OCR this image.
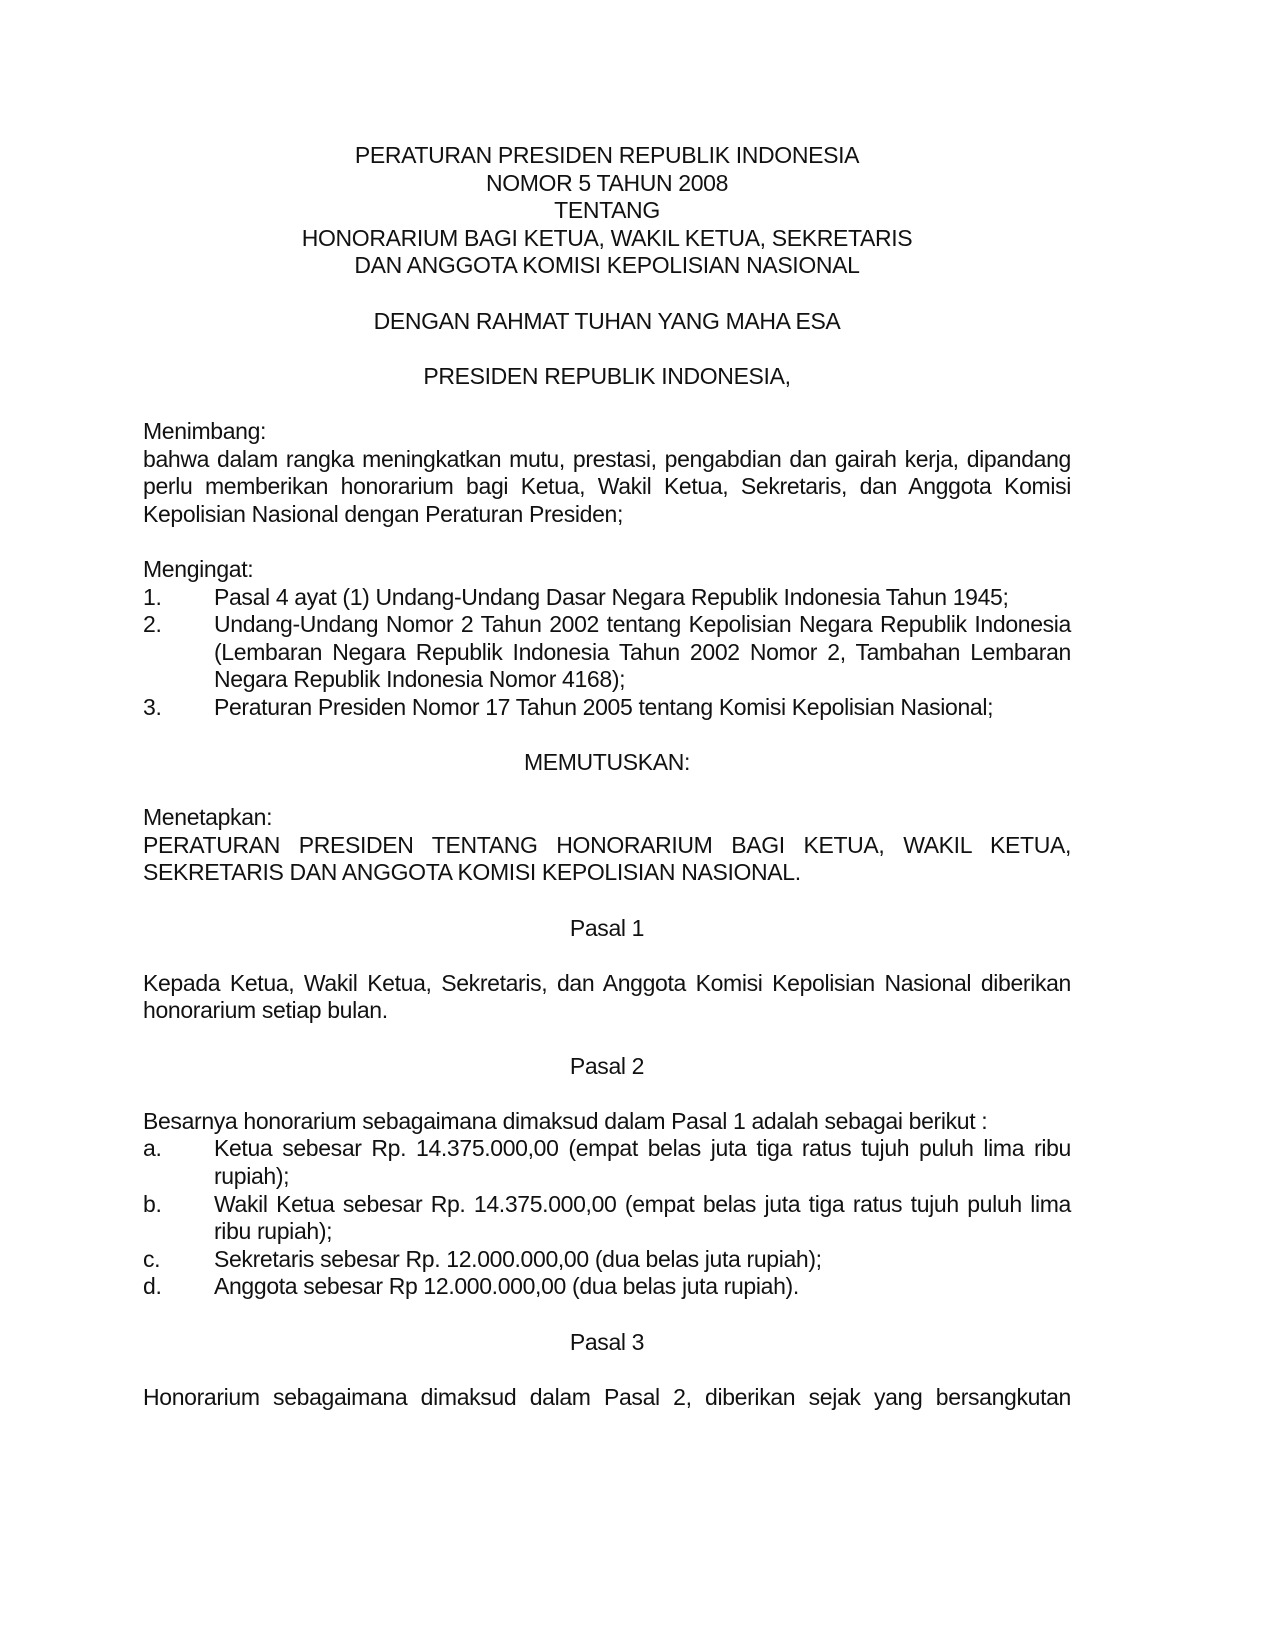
PERATURAN PRESIDEN REPUBLIK INDONESIA
NOMOR 5 TAHUN 2008
TENTANG
HONORARIUM BAGI KETUA, WAKIL KETUA, SEKRETARIS
DAN ANGGOTA KOMISI KEPOLISIAN NASIONAL
DENGAN RAHMAT TUHAN YANG MAHA ESA
PRESIDEN REPUBLIK INDONESIA,
Menimbang:
bahwa dalam rangka meningkatkan mutu, prestasi, pengabdian dan gairah kerja, dipandang perlu memberikan honorarium bagi Ketua, Wakil Ketua, Sekretaris, dan Anggota Komisi Kepolisian Nasional dengan Peraturan Presiden;
Mengingat:
1.	Pasal 4 ayat (1) Undang-Undang Dasar Negara Republik Indonesia Tahun 1945;
2.	Undang-Undang Nomor 2 Tahun 2002 tentang Kepolisian Negara Republik Indonesia (Lembaran Negara Republik Indonesia Tahun 2002 Nomor 2, Tambahan Lembaran Negara Republik Indonesia Nomor 4168);
3.	Peraturan Presiden Nomor 17 Tahun 2005 tentang Komisi Kepolisian Nasional;
MEMUTUSKAN:
Menetapkan:
PERATURAN PRESIDEN TENTANG HONORARIUM BAGI KETUA, WAKIL KETUA,
SEKRETARIS DAN ANGGOTA KOMISI KEPOLISIAN NASIONAL.
Pasal 1
Kepada Ketua, Wakil Ketua, Sekretaris, dan Anggota Komisi Kepolisian Nasional diberikan honorarium setiap bulan.
Pasal 2
Besarnya honorarium sebagaimana dimaksud dalam Pasal 1 adalah sebagai berikut :
a.	Ketua sebesar Rp. 14.375.000,00 (empat belas juta tiga ratus tujuh puluh lima ribu rupiah);
b.	Wakil Ketua sebesar Rp. 14.375.000,00 (empat belas juta tiga ratus tujuh puluh lima ribu rupiah);
c.	Sekretaris sebesar Rp. 12.000.000,00 (dua belas juta rupiah);
d.	Anggota sebesar Rp 12.000.000,00 (dua belas juta rupiah).
Pasal 3
Honorarium sebagaimana dimaksud dalam Pasal 2, diberikan sejak yang bersangkutan
